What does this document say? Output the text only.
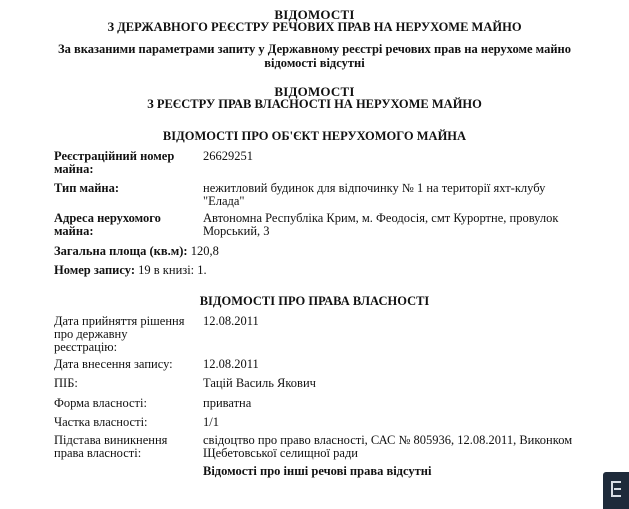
ВІДОМОСТІ
З ДЕРЖАВНОГО РЕЄСТРУ РЕЧОВИХ ПРАВ НА НЕРУХОМЕ МАЙНО
За вказаними параметрами запиту у Державному реєстрі речових прав на нерухоме майно
відомості відсутні
ВІДОМОСТІ
З РЕЄСТРУ ПРАВ ВЛАСНОСТІ НА НЕРУХОМЕ МАЙНО
ВІДОМОСТІ ПРО ОБ'ЄКТ НЕРУХОМОГО МАЙНА
Реєстраційний номер
майна:
26629251
Тип майна:	нежитловий будинок для відпочинку № 1 на території яхт-клубу
"Елада"
Адреса нерухомого
майна:
Автономна Республіка Крим, м. Феодосія, смт Курортне, провулок
Морський, 3
Загальна площа (кв.м): 120,8
Номер запису: 19 в книзі: 1.
ВІДОМОСТІ ПРО ПРАВА ВЛАСНОСТІ
Дата прийняття рішення
про державну
реєстрацію:
12.08.2011
Дата внесення запису:	12.08.2011
ПІБ:	Тацій Василь Якович
Форма власності:	приватна
Частка власності:	1/1
Підстава виникнення
права власності:
свідоцтво про право власності, САС № 805936, 12.08.2011, Виконком
Щебетовської селищної ради
Відомості про інші речові права відсутні
